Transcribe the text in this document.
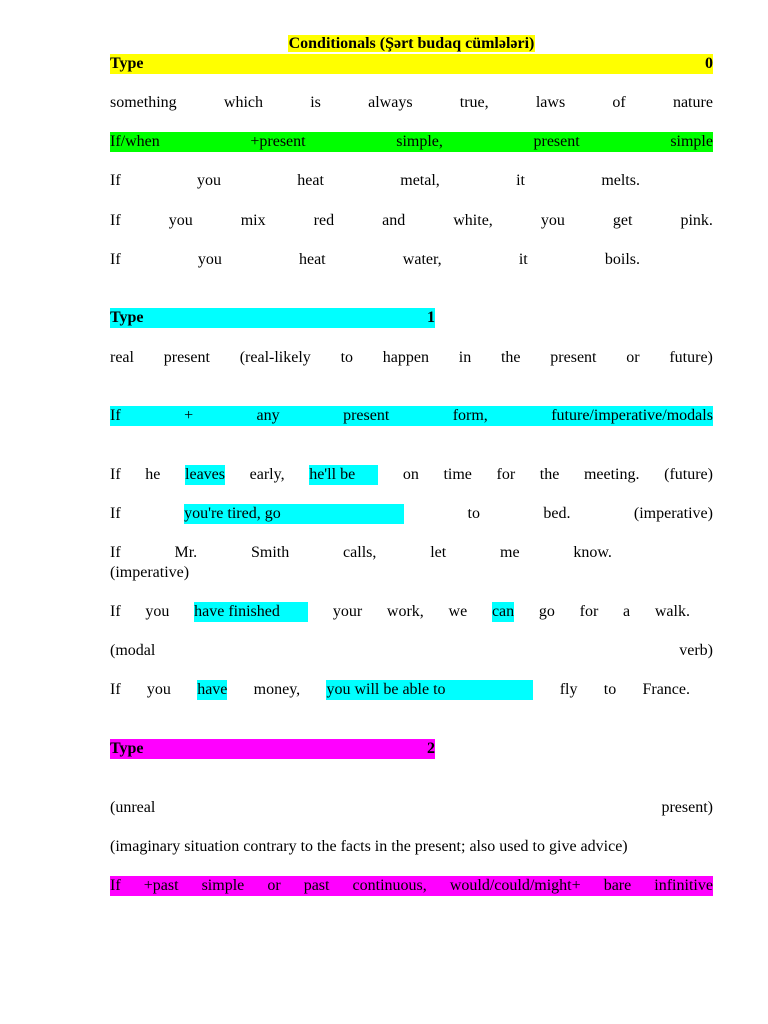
Conditionals (Şərt budaq cümlələri)
Type	0
something	which	is	always	true,	laws	of	nature
If/when	+present	simple,	present	simple
If	you	heat	metal,	it	melts.
If	you	mix	red	and	white,	you	get	pink.
If	you	heat	water,	it	boils.
Type	1
real present (real-likely to happen in the present or future)
If	+	any	present	form,	future/imperative/modals
If he leaves early, he'll be	on time for the meeting. (future)
If	you're tired, go	to	bed.	(imperative)
If	Mr.	Smith	calls,	let	me	know.
(imperative)
If you have finished	your work, we can go for a walk.
(modal	verb)
If you have money, you will be able to	fly to France.
Type	2
(unreal	present)
(imaginary situation contrary to the facts in the present; also used to give advice)
If +past simple or past continuous, would/could/might+ bare infinitive
